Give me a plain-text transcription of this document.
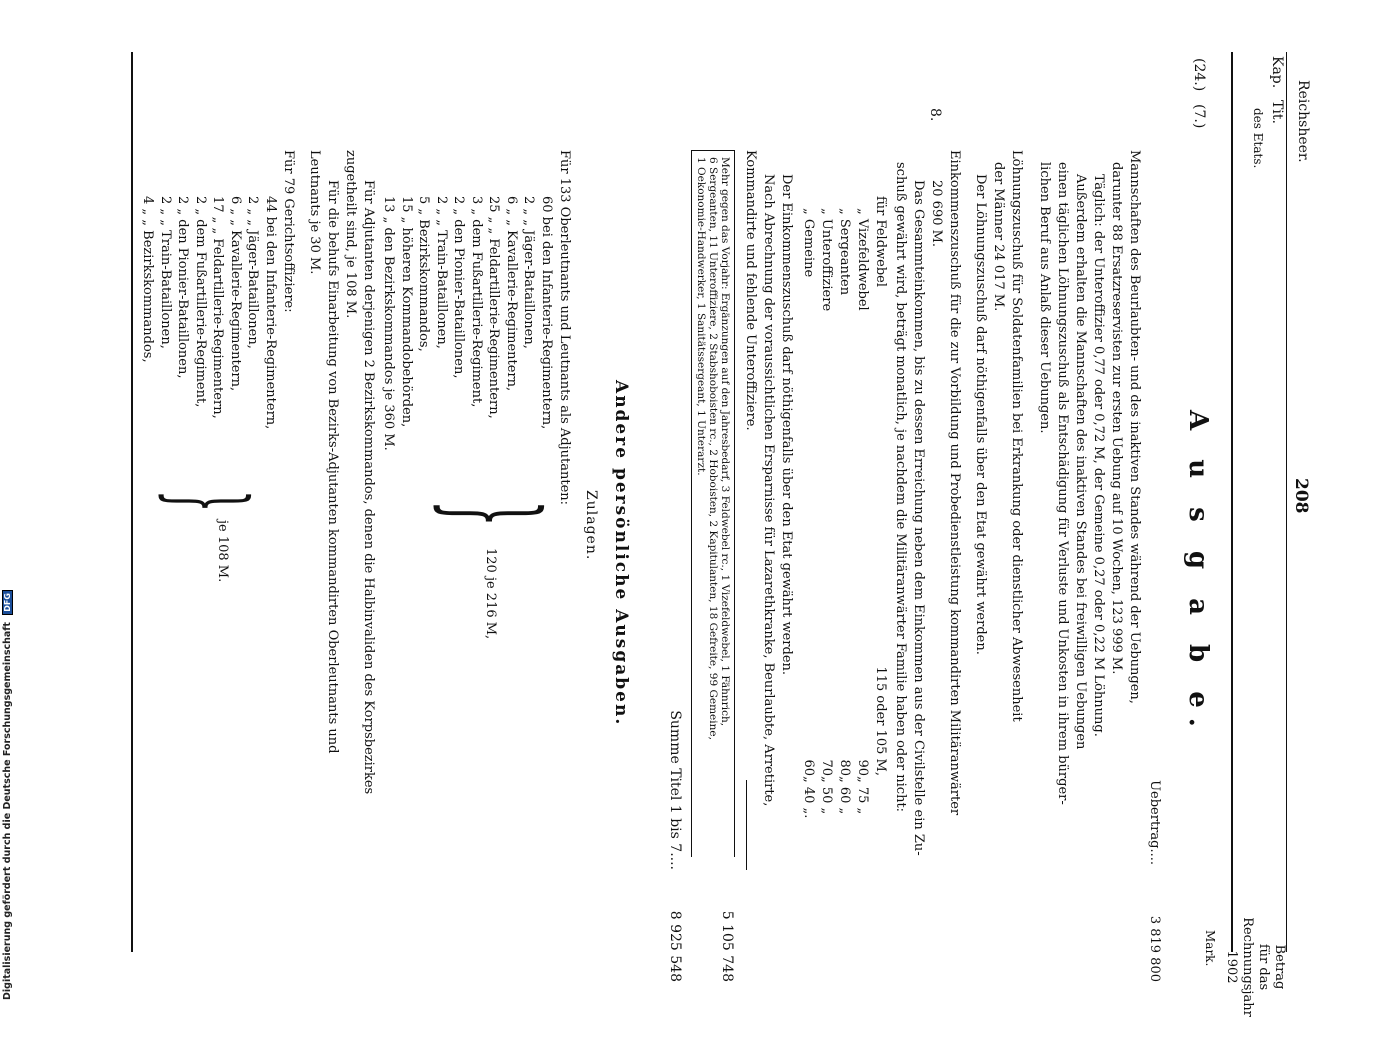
Reichsheer.
208
Kap.
Tit.
des Etats.
Betrag
für das
Rechnungsjahr
1902
(24.)
(7.)
8.
A u s g a b e.
Mannschaften des Beurlaubten- und des inaktiven Standes während der Uebungen,
darunter 88 Ersatzreservisten zur ersten Uebung auf 10 Wochen, 123 999 M.
Täglich: der Unteroffizier 0,77 oder 0,72 M, der Gemeine 0,27 oder 0,22 M Löhnung.
Außerdem erhalten die Mannschaften des inaktiven Standes bei freiwilligen Uebungen
einen täglichen Löhnungszuschuß als Entschädigung für Verluste und Unkosten in ihrem bürger-
lichen Beruf aus Anlaß dieser Uebungen.
Löhnungszuschuß für Soldatenfamilien bei Erkrankung oder dienstlicher Abwesenheit
der Männer 24 017 M.
Der Löhnungszuschuß darf nöthigenfalls über den Etat gewährt werden.
Einkommenszuschuß für die zur Vorbildung und Probedienstleistung kommandirten Militäranwärter
20 690 M.
Das Gesammteinkommen, bis zu dessen Erreichung neben dem Einkommen aus der Civilstelle ein Zu-
schuß gewährt wird, beträgt monatlich, je nachdem die Militäranwärter Familie haben oder nicht:
für Feldwebel
115 oder 105 M,
„ Vizefeldwebel
90
„ 75 „
„ Sergeanten
80
„ 60 „
„ Unteroffiziere
70
„ 50 „
„ Gemeine
60
„ 40 „.
Der Einkommenszuschuß darf nöthigenfalls über den Etat gewährt werden.
Nach Abrechnung der voraussichtlichen Ersparnisse für Lazarethkranke, Beurlaubte, Arretirte,
Kommandirte und fehlende Unteroffiziere.
Mehr gegen das Vorjahr: Ergänzungen auf den Jahresbedarf, 3 Feldwebel rc., 1 Vizefeldwebel, 1 Fähnrich,
6 Sergeanten, 11 Unteroffiziere, 2 Stabshoboisten rc., 2 Hoboisten, 2 Kapitulanten, 18 Gefreite, 99 Gemeine,
1 Oekonomie-Handwerker, 1 Sanitätssergeant, 1 Unterarzt.
5 105 748
Summe Titel 1 bis 7....
8 925 548
Andere persönliche Ausgaben.
Zulagen.
Für 133 Oberleutnants und Leutnants als Adjutanten:
60 bei den Infanterie-Regimentern,
2 „ „ Jäger-Bataillonen,
6 „ „ Kavallerie-Regimentern,
25 „ „ Feldartillerie-Regimentern,
3 „ dem Fußartillerie-Regiment,
2 „ den Pionier-Bataillonen,
2 „ „ Train-Bataillonen,
5 „ Bezirkskommandos,
15 „ höheren Kommandobehörden,
13 „ den Bezirkskommandos je 360 M.
}
120 je 216 M,
Für Adjutanten derjenigen 2 Bezirkskommandos, denen die Halbinvaliden des Korpsbezirkes
zugetheilt sind, je 108 M.
Für die behufs Einarbeitung von Bezirks-Adjutanten kommandirten Oberleutnants und
Leutnants je 30 M.
Für 79 Gerichtsoffiziere:
44 bei den Infanterie-Regimentern,
2 „ „ Jäger-Bataillonen,
6 „ „ Kavallerie-Regimentern,
17 „ „ Feldartillerie-Regimentern,
2 „ dem Fußartillerie-Regiment,
2 „ den Pionier-Bataillonen,
2 „ „ Train-Bataillonen,
4 „ „ Bezirkskommandos,
}
je 108 M.
Uebertrag....
3 819 800	Mark.
Digitalisierung gefördert durch die Deutsche Forschungsgemeinschaft DFG
